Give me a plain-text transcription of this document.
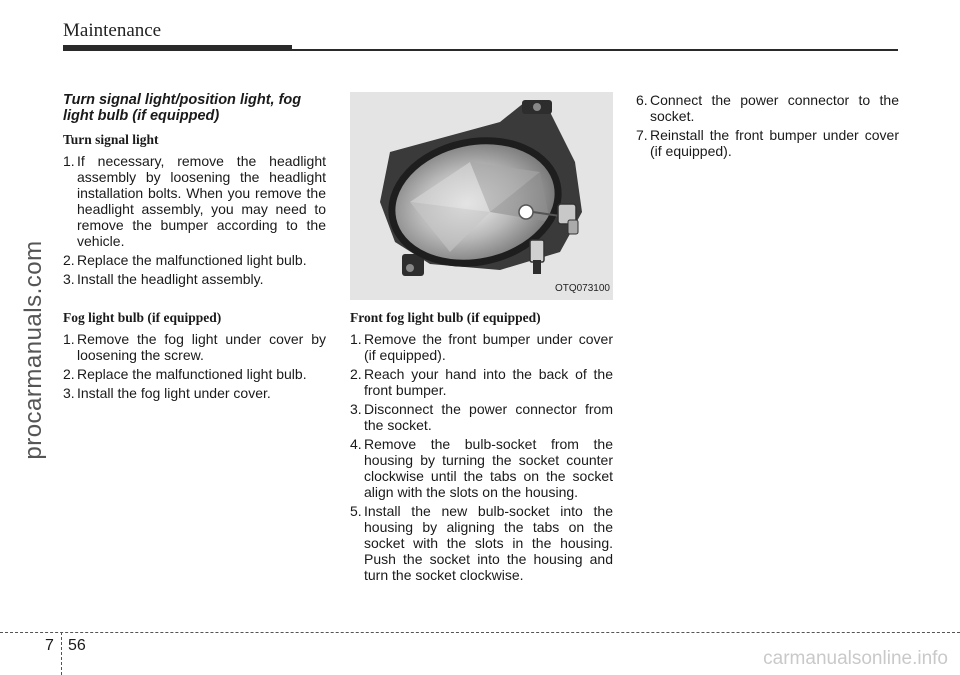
Maintenance
procarmanuals.com
Turn signal light/position light, fog light bulb (if equipped)
Turn signal light
1. If necessary, remove the headlight assembly by loosening the headlight installation bolts. When you remove the headlight assembly, you may need to remove the bumper according to the vehicle.
2. Replace the malfunctioned light bulb.
3. Install the headlight assembly.
Fog light bulb (if equipped)
1. Remove the fog light under cover by loosening the screw.
2. Replace the malfunctioned light bulb.
3. Install the fog light under cover.
OTQ073100
Front fog light bulb (if equipped)
1. Remove the front bumper under cover (if equipped).
2. Reach your hand into the back of the front bumper.
3. Disconnect the power connector from the socket.
4. Remove the bulb-socket from the housing by turning the socket counter clockwise until the tabs on the socket align with the slots on the housing.
5. Install the new bulb-socket into the housing by aligning the tabs on the socket with the slots in the housing. Push the socket into the housing and turn the socket clockwise.
6. Connect the power connector to the socket.
7. Reinstall the front bumper under cover (if equipped).
7 56
carmanualsonline.info
